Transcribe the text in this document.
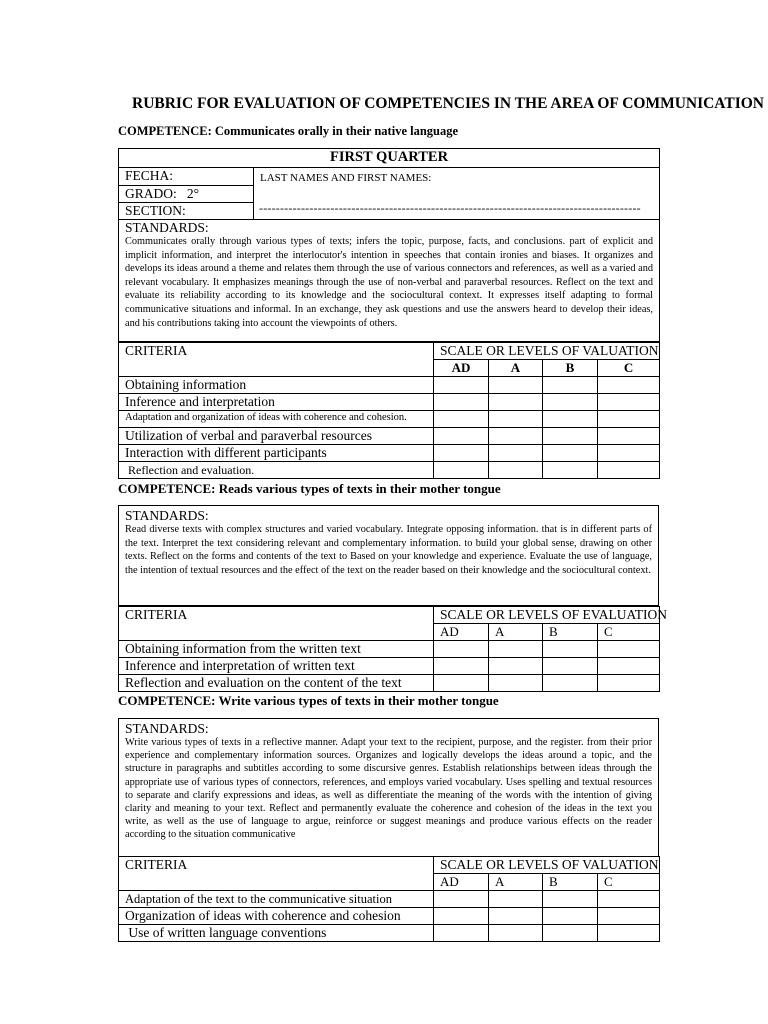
RUBRIC FOR EVALUATION OF COMPETENCIES IN THE AREA OF COMMUNICATION
COMPETENCE: Communicates orally in their native language
FIRST QUARTER
FECHA:	LAST NAMES AND FIRST NAMES:
GRADO: 2°
SECTION:

STANDARDS:
Communicates orally through various types of texts; infers the topic, purpose, facts, and conclusions. part of explicit and implicit information, and interpret the interlocutor's intention in speeches that contain ironies and biases. It organizes and develops its ideas around a theme and relates them through the use of various connectors and references, as well as a varied and relevant vocabulary. It emphasizes meanings through the use of non-verbal and paraverbal resources. Reflect on the text and evaluate its reliability according to its knowledge and the sociocultural context. It expresses itself adapting to formal communicative situations and informal. In an exchange, they ask questions and use the answers heard to develop their ideas, and his contributions taking into account the viewpoints of others.
-------------------------------------------------------------------------------------------
CRITERIA	SCALE OR LEVELS OF VALUATION			
	AD	A	B	C
Obtaining information				
Inference and interpretation				
Adaptation and organization of ideas with coherence and cohesion.				
Utilization of verbal and paraverbal resources				
Interaction with different participants				
Reflection and evaluation.				
COMPETENCE: Reads various types of texts in their mother tongue
STANDARDS:
Read diverse texts with complex structures and varied vocabulary. Integrate opposing information. that is in different parts of the text. Interpret the text considering relevant and complementary information. to build your global sense, drawing on other texts. Reflect on the forms and contents of the text to Based on your knowledge and experience. Evaluate the use of language, the intention of textual resources and the effect of the text on the reader based on their knowledge and the sociocultural context.
CRITERIA	SCALE OR LEVELS OF EVALUATION			
	AD	A	B	C
Obtaining information from the written text				
Inference and interpretation of written text				
Reflection and evaluation on the content of the text				
COMPETENCE: Write various types of texts in their mother tongue
STANDARDS:
Write various types of texts in a reflective manner. Adapt your text to the recipient, purpose, and the register. from their prior experience and complementary information sources. Organizes and logically develops the ideas around a topic, and the structure in paragraphs and subtitles according to some discursive genres. Establish relationships between ideas through the appropriate use of various types of connectors, references, and employs varied vocabulary. Uses spelling and textual resources to separate and clarify expressions and ideas, as well as differentiate the meaning of the words with the intention of giving clarity and meaning to your text. Reflect and permanently evaluate the coherence and cohesion of the ideas in the text you write, as well as the use of language to argue, reinforce or suggest meanings and produce various effects on the reader according to the situation communicative
CRITERIA	SCALE OR LEVELS OF VALUATION			
	AD	A	B	C
Adaptation of the text to the communicative situation				
Organization of ideas with coherence and cohesion				
Use of written language conventions				
